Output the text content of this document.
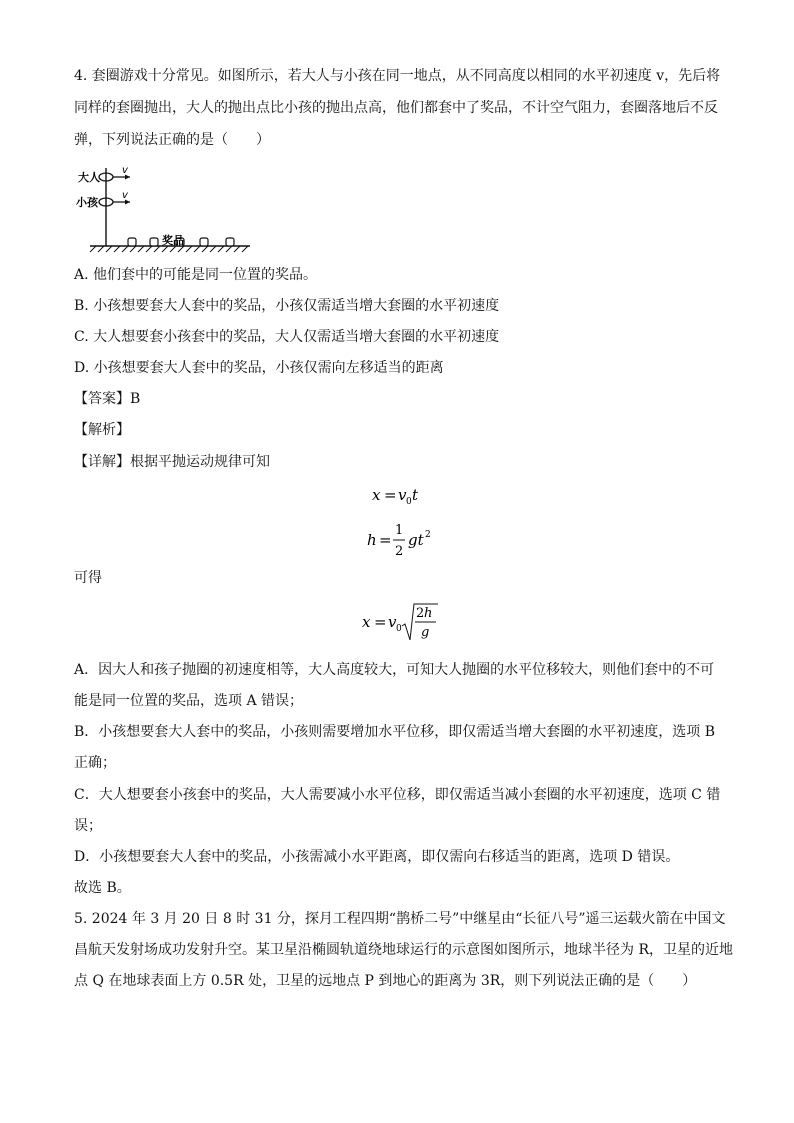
4. 套圈游戏十分常见。如图所示，若大人与小孩在同一地点，从不同高度以相同的水平初速度 v，先后将
同样的套圈抛出，大人的抛出点比小孩的抛出点高，他们都套中了奖品，不计空气阻力，套圈落地后不反
弹，下列说法正确的是（　　）
大人
v
小孩
v
奖品
A. 他们套中的可能是同一位置的奖品。
B. 小孩想要套大人套中的奖品，小孩仅需适当增大套圈的水平初速度
C. 大人想要套小孩套中的奖品，大人仅需适当增大套圈的水平初速度
D. 小孩想要套大人套中的奖品，小孩仅需向左移适当的距离
【答案】B
【解析】
【详解】根据平抛运动规律可知
x = v 0 t
h =
1
2
gt 2
可得
x = v 0
2 h
g
A．因大人和孩子抛圈的初速度相等，大人高度较大，可知大人抛圈的水平位移较大，则他们套中的不可
能是同一位置的奖品，选项 A 错误；
B．小孩想要套大人套中的奖品，小孩则需要增加水平位移，即仅需适当增大套圈的水平初速度，选项 B
正确；
C．大人想要套小孩套中的奖品，大人需要减小水平位移，即仅需适当减小套圈的水平初速度，选项 C 错
误；
D．小孩想要套大人套中的奖品，小孩需减小水平距离，即仅需向右移适当的距离，选项 D 错误。
故选 B。
5. 2024 年 3 月 20 日 8 时 31 分，探月工程四期“鹊桥二号”中继星由“长征八号”遥三运载火箭在中国文
昌航天发射场成功发射升空。某卫星沿椭圆轨道绕地球运行的示意图如图所示，地球半径为 R，卫星的近地
点 Q 在地球表面上方 0.5R 处，卫星的远地点 P 到地心的距离为 3R，则下列说法正确的是（　　）
